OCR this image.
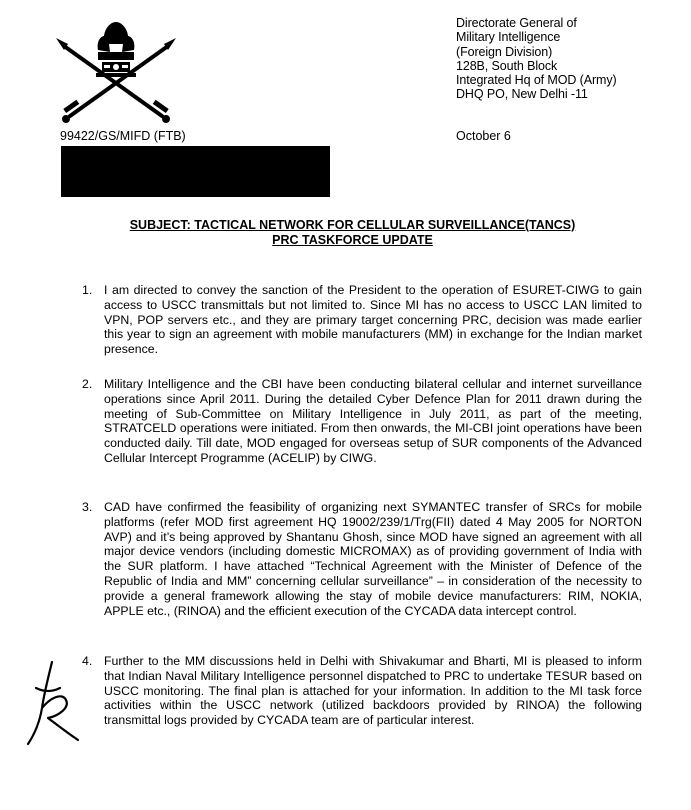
Directorate General of
Military Intelligence
(Foreign Division)
128B, South Block
Integrated Hq of MOD (Army)
DHQ PO, New Delhi -11
99422/GS/MIFD (FTB)	October 6
SUBJECT: TACTICAL NETWORK FOR CELLULAR SURVEILLANCE(TANCS)
PRC TASKFORCE UPDATE
1. I am directed to convey the sanction of the President to the operation of ESURET-CIWG to gain access to USCC transmittals but not limited to. Since MI has no access to USCC LAN limited to VPN, POP servers etc., and they are primary target concerning PRC, decision was made earlier this year to sign an agreement with mobile manufacturers (MM) in exchange for the Indian market presence.
2. Military Intelligence and the CBI have been conducting bilateral cellular and internet surveillance operations since April 2011. During the detailed Cyber Defence Plan for 2011 drawn during the meeting of Sub-Committee on Military Intelligence in July 2011, as part of the meeting, STRATCELD operations were initiated. From then onwards, the MI-CBI joint operations have been conducted daily. Till date, MOD engaged for overseas setup of SUR components of the Advanced Cellular Intercept Programme (ACELIP) by CIWG.
3. CAD have confirmed the feasibility of organizing next SYMANTEC transfer of SRCs for mobile platforms (refer MOD first agreement HQ 19002/239/1/Trg(FII) dated 4 May 2005 for NORTON AVP) and it’s being approved by Shantanu Ghosh, since MOD have signed an agreement with all major device vendors (including domestic MICROMAX) as of providing government of India with the SUR platform. I have attached “Technical Agreement with the Minister of Defence of the Republic of India and MM” concerning cellular surveillance” – in consideration of the necessity to provide a general framework allowing the stay of mobile device manufacturers: RIM, NOKIA, APPLE etc., (RINOA) and the efficient execution of the CYCADA data intercept control.
4. Further to the MM discussions held in Delhi with Shivakumar and Bharti, MI is pleased to inform that Indian Naval Military Intelligence personnel dispatched to PRC to undertake TESUR based on USCC monitoring. The final plan is attached for your information. In addition to the MI task force activities within the USCC network (utilized backdoors provided by RINOA) the following transmittal logs provided by CYCADA team are of particular interest.
